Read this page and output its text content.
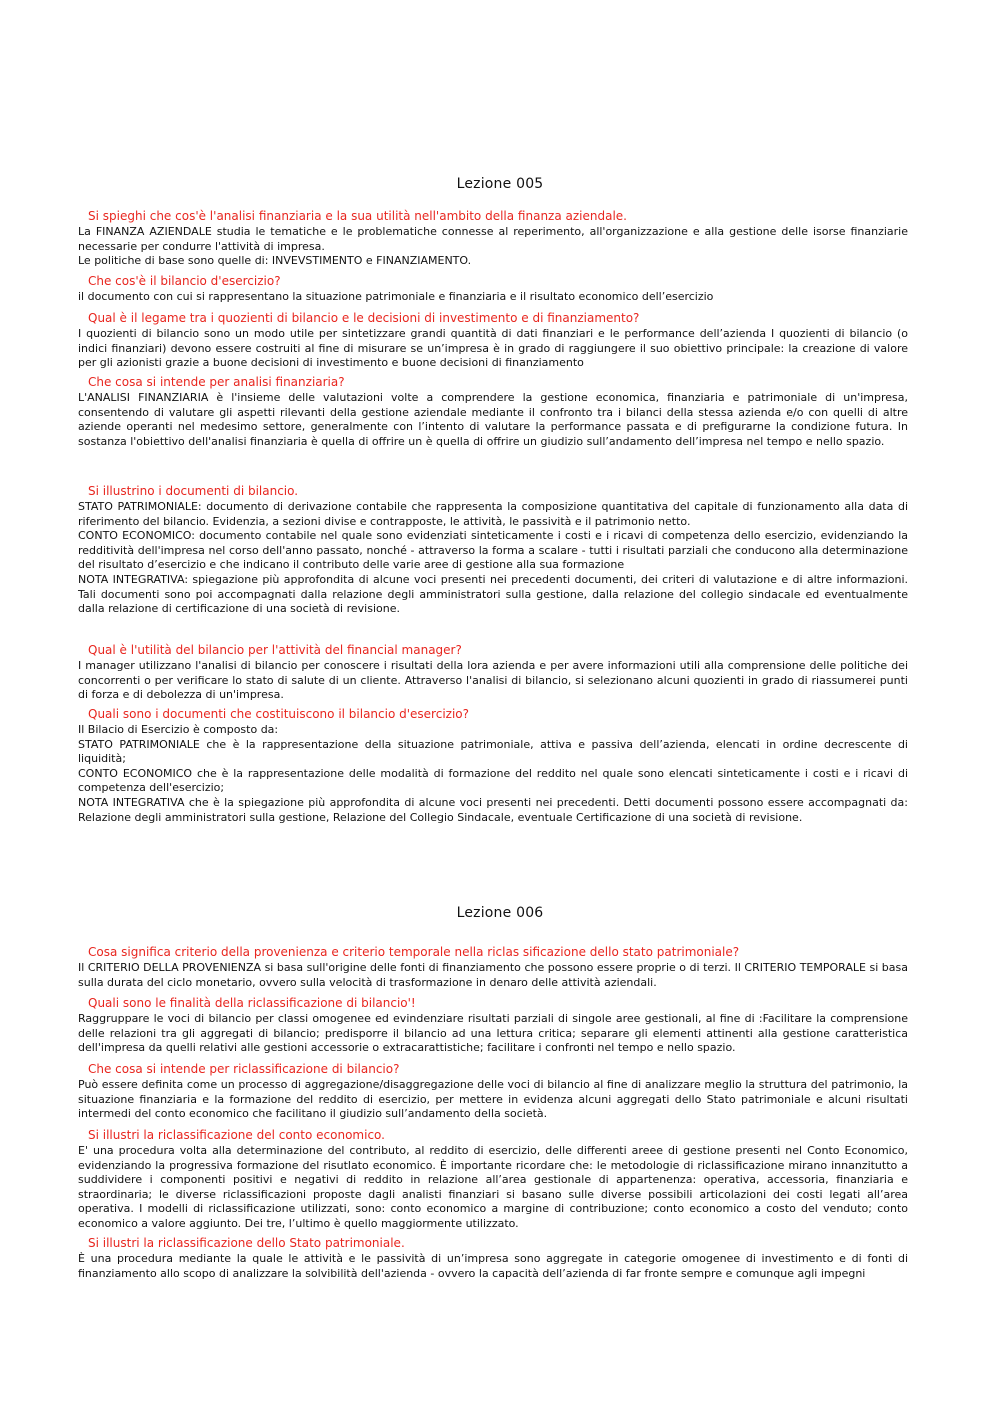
Lezione 005
Si spieghi che cos'è l'analisi finanziaria e la sua utilità nell'ambito della finanza aziendale.

La FINANZA AZIENDALE studia le tematiche e le problematiche connesse al reperimento, all'organizzazione e alla gestione delle isorse finanziarie necessarie per condurre l'attività di impresa.

Le politiche di base sono quelle di: INVEVSTIMENTO e FINANZIAMENTO.

Che cos'è il bilancio d'esercizio?

il documento con cui si rappresentano la situazione patrimoniale e finanziaria e il risultato economico dell’esercizio

Qual è il legame tra i quozienti di bilancio e le decisioni di investimento e di finanziamento?

I quozienti di bilancio sono un modo utile per sintetizzare grandi quantità di dati finanziari e le performance dell’azienda I quozienti di bilancio (o indici finanziari) devono essere costruiti al fine di misurare se un’impresa è in grado di raggiungere il suo obiettivo principale: la creazione di valore per gli azionisti grazie a buone decisioni di investimento e buone decisioni di finanziamento

Che cosa si intende per analisi finanziaria?

L'ANALISI FINANZIARIA è l'insieme delle valutazioni volte a comprendere la gestione economica, finanziaria e patrimoniale di un'impresa, consentendo di valutare gli aspetti rilevanti della gestione aziendale mediante il confronto tra i bilanci della stessa azienda e/o con quelli di altre aziende operanti nel medesimo settore, generalmente con l’intento di valutare la performance passata e di prefigurarne la condizione futura. In sostanza l'obiettivo dell'analisi finanziaria è quella di offrire un è quella di offrire un giudizio sull’andamento dell’impresa nel tempo e nello spazio.

Si illustrino i documenti di bilancio.

STATO PATRIMONIALE: documento di derivazione contabile che rappresenta la composizione quantitativa del capitale di funzionamento alla data di riferimento del bilancio. Evidenzia, a sezioni divise e contrapposte, le attività, le passività e il patrimonio netto.

CONTO ECONOMICO: documento contabile nel quale sono evidenziati sinteticamente i costi e i ricavi di competenza dello esercizio, evidenziando la redditività dell'impresa nel corso dell'anno passato, nonché - attraverso la forma a scalare - tutti i risultati parziali che conducono alla determinazione del risultato d’esercizio e che indicano il contributo delle varie aree di gestione alla sua formazione

NOTA INTEGRATIVA: spiegazione più approfondita di alcune voci presenti nei precedenti documenti, dei criteri di valutazione e di altre informazioni. Tali documenti sono poi accompagnati dalla relazione degli amministratori sulla gestione, dalla relazione del collegio sindacale ed eventualmente dalla relazione di certificazione di una società di revisione.

Qual è l'utilità del bilancio per l'attività del financial manager?

I manager utilizzano l'analisi di bilancio per conoscere i risultati della lora azienda e per avere informazioni utili alla comprensione delle politiche dei concorrenti o per verificare lo stato di salute di un cliente. Attraverso l'analisi di bilancio, si selezionano alcuni quozienti in grado di riassumerei punti di forza e di debolezza di un'impresa.

Quali sono i documenti che costituiscono il bilancio d'esercizio?

Il Bilacio di Esercizio è composto da:

STATO PATRIMONIALE che è la rappresentazione della situazione patrimoniale, attiva e passiva dell’azienda, elencati in ordine decrescente di liquidità;

CONTO ECONOMICO che è la rappresentazione delle modalità di formazione del reddito nel quale sono elencati sinteticamente i costi e i ricavi di competenza dell'esercizio;

NOTA INTEGRATIVA che è la spiegazione più approfondita di alcune voci presenti nei precedenti. Detti documenti possono essere accompagnati da: Relazione degli amministratori sulla gestione, Relazione del Collegio Sindacale, eventuale Certificazione di una società di revisione.

Lezione 006
Cosa significa criterio della provenienza e criterio temporale nella riclas sificazione dello stato patrimoniale?

Il CRITERIO DELLA PROVENIENZA si basa sull'origine delle fonti di finanziamento che possono essere proprie o di terzi. Il CRITERIO TEMPORALE si basa sulla durata del ciclo monetario, ovvero sulla velocità di trasformazione in denaro delle attività aziendali.

Quali sono le finalità della riclassificazione di bilancio'!

Raggruppare le voci di bilancio per classi omogenee ed evindenziare risultati parziali di singole aree gestionali, al fine di :Facilitare la comprensione delle relazioni tra gli aggregati di bilancio; predisporre il bilancio ad una lettura critica; separare gli elementi attinenti alla gestione caratteristica dell'impresa da quelli relativi alle gestioni accessorie o extracarattistiche; facilitare i confronti nel tempo e nello spazio.

Che cosa si intende per riclassificazione di bilancio?

Può essere definita come un processo di aggregazione/disaggregazione delle voci di bilancio al fine di analizzare meglio la struttura del patrimonio, la situazione finanziaria e la formazione del reddito di esercizio, per mettere in evidenza alcuni aggregati dello Stato patrimoniale e alcuni risultati intermedi del conto economico che facilitano il giudizio sull’andamento della società.

Si illustri la riclassificazione del conto economico.

E' una procedura volta alla determinazione del contributo, al reddito di esercizio, delle differenti areee di gestione presenti nel Conto Economico, evidenziando la progressiva formazione del risutlato economico. È importante ricordare che: le metodologie di riclassificazione mirano innanzitutto a suddividere i componenti positivi e negativi di reddito in relazione all’area gestionale di appartenenza: operativa, accessoria, finanziaria e straordinaria; le diverse riclassificazioni proposte dagli analisti finanziari si basano sulle diverse possibili articolazioni dei costi legati all’area operativa. I modelli di riclassificazione utilizzati, sono: conto economico a margine di contribuzione; conto economico a costo del venduto; conto economico a valore aggiunto. Dei tre, l’ultimo è quello maggiormente utilizzato.

Si illustri la riclassificazione dello Stato patrimoniale.

È una procedura mediante la quale le attività e le passività di un’impresa sono aggregate in categorie omogenee di investimento e di fonti di finanziamento allo scopo di analizzare la solvibilità dell'azienda - ovvero la capacità dell’azienda di far fronte sempre e comunque agli impegni
